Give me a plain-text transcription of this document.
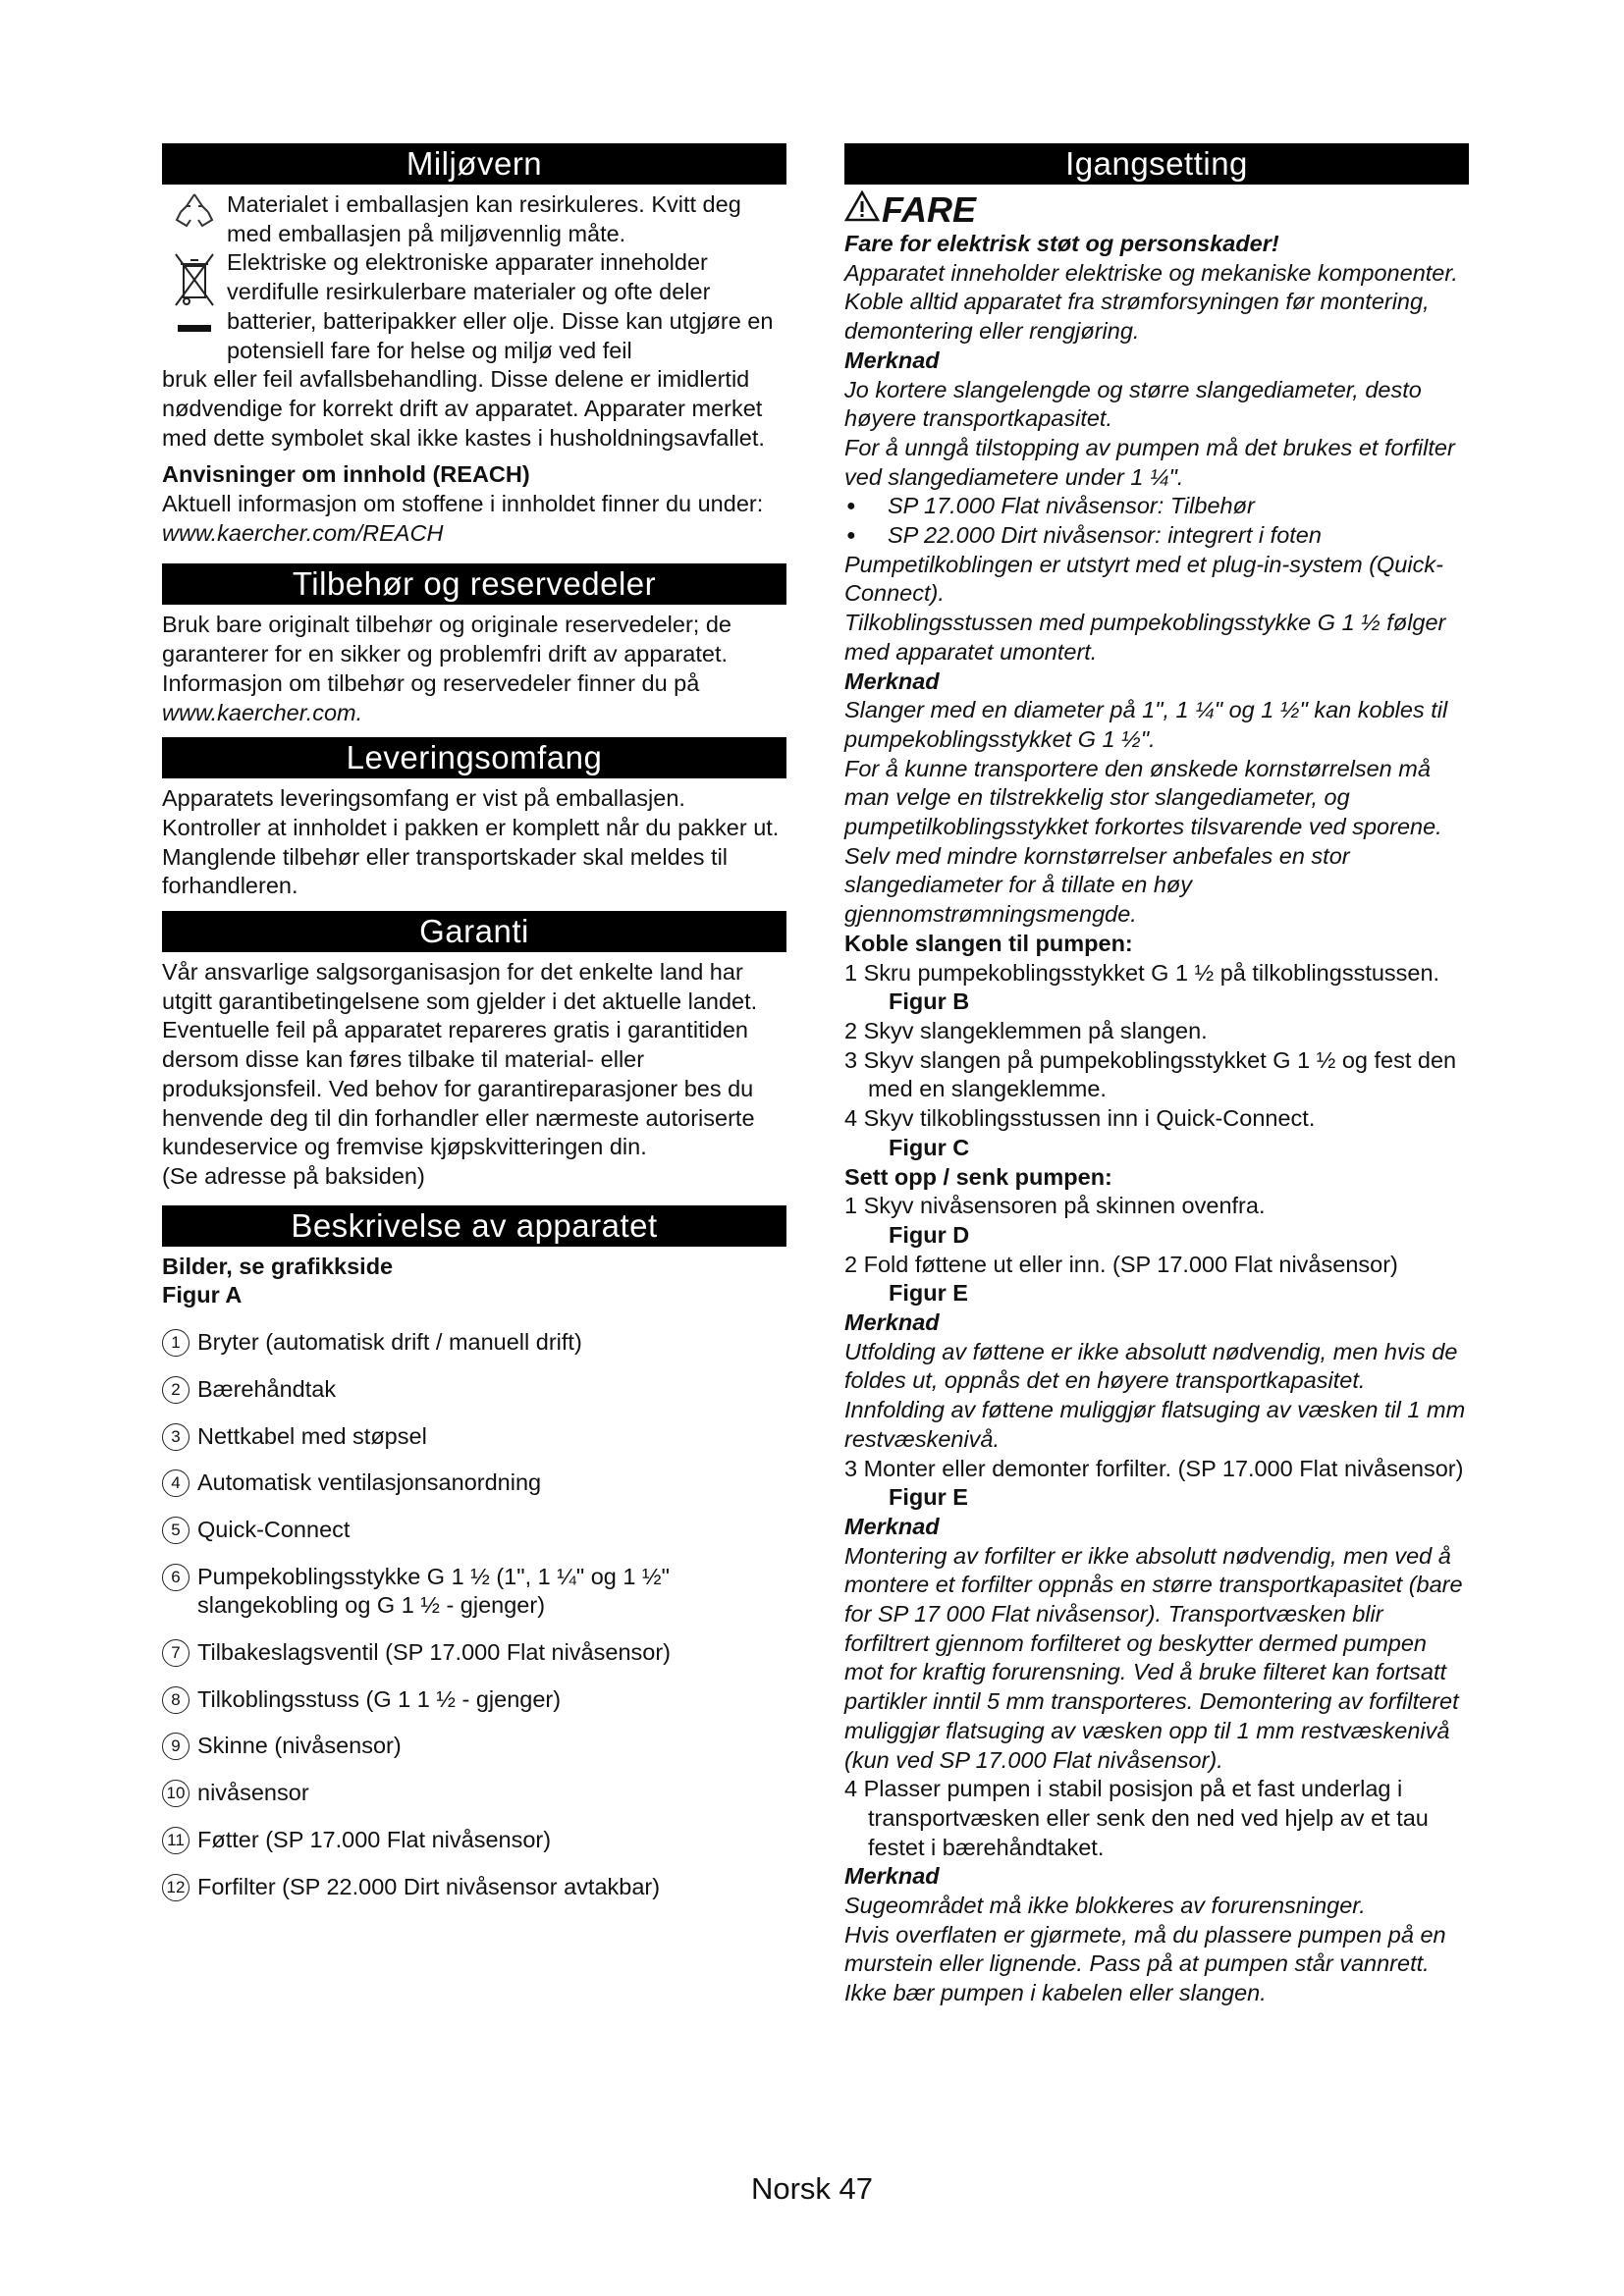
Miljøvern

Materialet i emballasjen kan resirkuleres. Kvitt deg med emballasjen på miljøvennlig måte.

Elektriske og elektroniske apparater inneholder verdifulle resirkulerbare materialer og ofte deler batterier, batteripakker eller olje. Disse kan utgjøre en potensiell fare for helse og miljø ved feil

bruk eller feil avfallsbehandling. Disse delene er imidlertid nødvendige for korrekt drift av apparatet. Apparater merket med dette symbolet skal ikke kastes i husholdningsavfallet.

Anvisninger om innhold (REACH)

Aktuell informasjon om stoffene i innholdet finner du under: www.kaercher.com/REACH

Tilbehør og reservedeler

Bruk bare originalt tilbehør og originale reservedeler; de garanterer for en sikker og problemfri drift av apparatet. Informasjon om tilbehør og reservedeler finner du på www.kaercher.com.

Leveringsomfang

Apparatets leveringsomfang er vist på emballasjen. Kontroller at innholdet i pakken er komplett når du pakker ut. Manglende tilbehør eller transportskader skal meldes til forhandleren.

Garanti

Vår ansvarlige salgsorganisasjon for det enkelte land har utgitt garantibetingelsene som gjelder i det aktuelle landet. Eventuelle feil på apparatet repareres gratis i garantitiden dersom disse kan føres tilbake til material- eller produksjonsfeil. Ved behov for garantireparasjoner bes du henvende deg til din forhandler eller nærmeste autoriserte kundeservice og fremvise kjøpskvitteringen din.

(Se adresse på baksiden)

Beskrivelse av apparatet

Bilder, se grafikkside

Figur A

1 Bryter (automatisk drift / manuell drift)
2 Bærehåndtak
3 Nettkabel med støpsel
4 Automatisk ventilasjonsanordning
5 Quick-Connect
6 Pumpekoblingsstykke G 1 ½ (1", 1 ¼" og 1 ½" slangekobling og G 1 ½ - gjenger)
7 Tilbakeslagsventil (SP 17.000 Flat nivåsensor)
8 Tilkoblingsstuss (G 1 1 ½ - gjenger)
9 Skinne (nivåsensor)
10 nivåsensor
11 Føtter (SP 17.000 Flat nivåsensor)
12 Forfilter (SP 22.000 Dirt nivåsensor avtakbar)
Igangsetting
FARE

Fare for elektrisk støt og personskader!

Apparatet inneholder elektriske og mekaniske komponenter.

Koble alltid apparatet fra strømforsyningen før montering, demontering eller rengjøring.

Merknad

Jo kortere slangelengde og større slangediameter, desto høyere transportkapasitet.

For å unngå tilstopping av pumpen må det brukes et forfilter ved slangediametere under 1 ¼".

● SP 17.000 Flat nivåsensor: Tilbehør

● SP 22.000 Dirt nivåsensor: integrert i foten

Pumpetilkoblingen er utstyrt med et plug-in-system (Quick-Connect).

Tilkoblingsstussen med pumpekoblingsstykke G 1 ½ følger med apparatet umontert.

Merknad

Slanger med en diameter på 1", 1 ¼" og 1 ½" kan kobles til pumpekoblingsstykket G 1 ½".

For å kunne transportere den ønskede kornstørrelsen må man velge en tilstrekkelig stor slangediameter, og pumpetilkoblingsstykket forkortes tilsvarende ved sporene. Selv med mindre kornstørrelser anbefales en stor slangediameter for å tillate en høy gjennomstrømningsmengde.

Koble slangen til pumpen:

1 Skru pumpekoblingsstykket G 1 ½ på tilkoblingsstussen.

Figur B

2 Skyv slangeklemmen på slangen.

3 Skyv slangen på pumpekoblingsstykket G 1 ½ og fest den med en slangeklemme.

4 Skyv tilkoblingsstussen inn i Quick-Connect.

Figur C

Sett opp / senk pumpen:

1 Skyv nivåsensoren på skinnen ovenfra.

Figur D

2 Fold føttene ut eller inn. (SP 17.000 Flat nivåsensor)

Figur E

Merknad

Utfolding av føttene er ikke absolutt nødvendig, men hvis de foldes ut, oppnås det en høyere transportkapasitet. Innfolding av føttene muliggjør flatsuging av væsken til 1 mm restvæskenivå.

3 Monter eller demonter forfilter. (SP 17.000 Flat nivåsensor)

Figur E

Merknad

Montering av forfilter er ikke absolutt nødvendig, men ved å montere et forfilter oppnås en større transportkapasitet (bare for SP 17 000 Flat nivåsensor). Transportvæsken blir forfiltrert gjennom forfilteret og beskytter dermed pumpen mot for kraftig forurensning. Ved å bruke filteret kan fortsatt partikler inntil 5 mm transporteres. Demontering av forfilteret muliggjør flatsuging av væsken opp til 1 mm restvæskenivå (kun ved SP 17.000 Flat nivåsensor).

4 Plasser pumpen i stabil posisjon på et fast underlag i transportvæsken eller senk den ned ved hjelp av et tau festet i bærehåndtaket.

Merknad

Sugeområdet må ikke blokkeres av forurensninger.

Hvis overflaten er gjørmete, må du plassere pumpen på en murstein eller lignende. Pass på at pumpen står vannrett. Ikke bær pumpen i kabelen eller slangen.

Norsk 47
